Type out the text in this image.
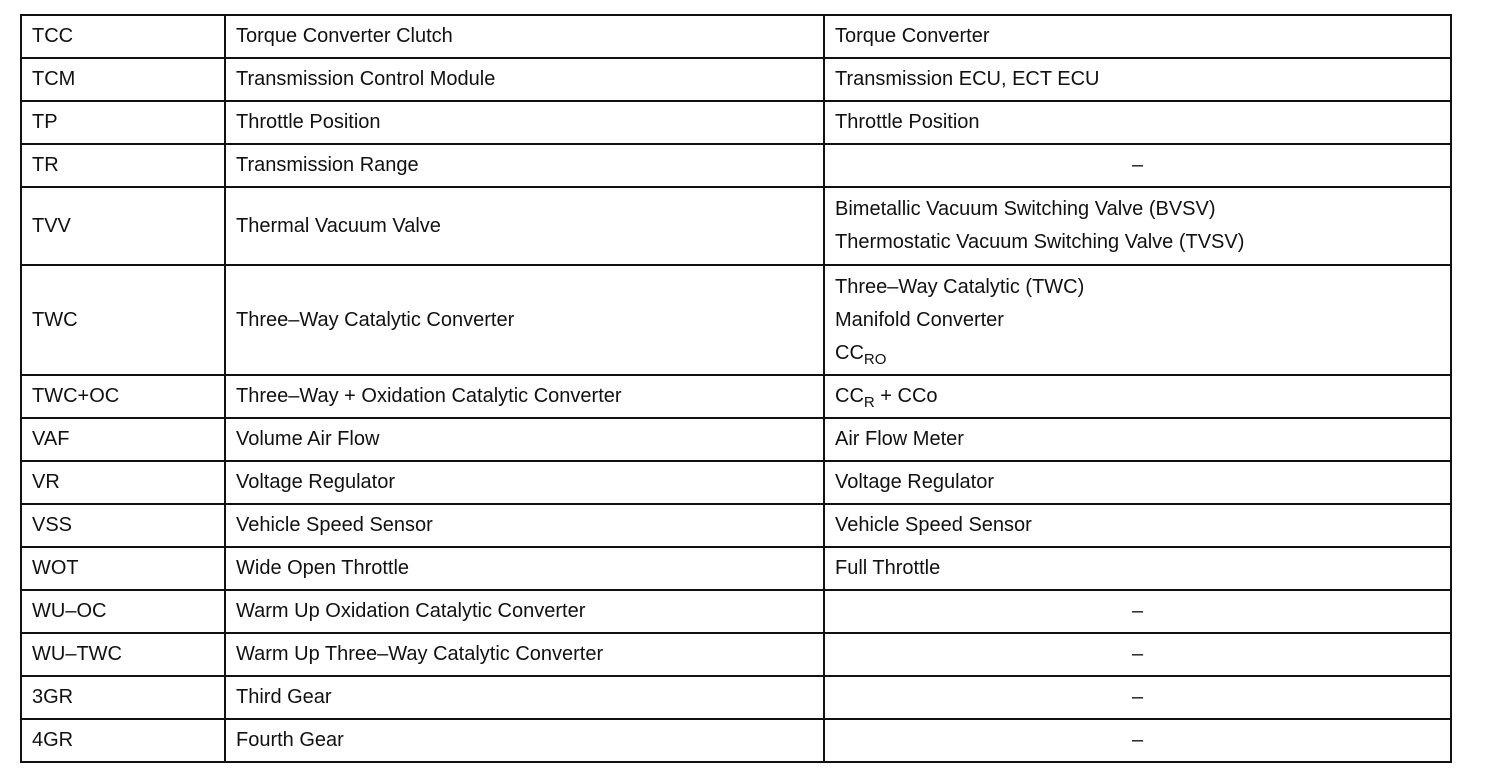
TCC	Torque Converter Clutch	Torque Converter
TCM	Transmission Control Module	Transmission ECU, ECT ECU
TP	Throttle Position	Throttle Position
TR	Transmission Range	–
TVV	Thermal Vacuum Valve	Bimetallic Vacuum Switching Valve (BVSV)
Thermostatic Vacuum Switching Valve (TVSV)

TWC	Three–Way Catalytic Converter	Three–Way Catalytic (TWC)
Manifold Converter
$CC_{RO}$

TWC+OC	Three–Way + Oxidation Catalytic Converter	$CC_R$ + CCo
VAF	Volume Air Flow	Air Flow Meter
VR	Voltage Regulator	Voltage Regulator
VSS	Vehicle Speed Sensor	Vehicle Speed Sensor
WOT	Wide Open Throttle	Full Throttle
WU–OC	Warm Up Oxidation Catalytic Converter	–
WU–TWC	Warm Up Three–Way Catalytic Converter	–
3GR	Third Gear	–
4GR	Fourth Gear	–
